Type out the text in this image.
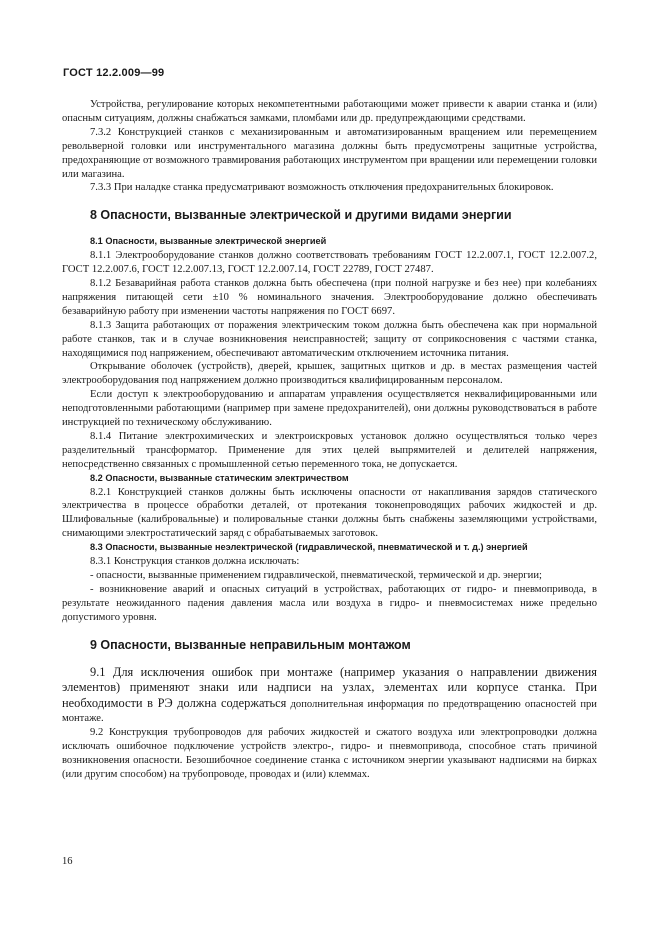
ГОСТ 12.2.009—99

Устройства, регулирование которых некомпетентными работающими может привести к аварии станка и (или) опасным ситуациям, должны снабжаться замками, пломбами или др. предупреждающими средствами.

7.3.2 Конструкцией станков с механизированным и автоматизированным вращением или перемещением револьверной головки или инструментального магазина должны быть предусмотрены защитные устройства, предохраняющие от возможного травмирования работающих инструментом при вращении или перемещении головки или магазина.

7.3.3 При наладке станка предусматривают возможность отключения предохранительных блокировок.

8 Опасности, вызванные электрической и другими видами энергии
8.1 Опасности, вызванные электрической энергией

8.1.1 Электрооборудование станков должно соответствовать требованиям ГОСТ 12.2.007.1, ГОСТ 12.2.007.2, ГОСТ 12.2.007.6, ГОСТ 12.2.007.13, ГОСТ 12.2.007.14, ГОСТ 22789, ГОСТ 27487.

8.1.2 Безаварийная работа станков должна быть обеспечена (при полной нагрузке и без нее) при колебаниях напряжения питающей сети ±10 % номинального значения. Электрооборудование должно обеспечивать безаварийную работу при изменении частоты напряжения по ГОСТ 6697.

8.1.3 Защита работающих от поражения электрическим током должна быть обеспечена как при нормальной работе станков, так и в случае возникновения неисправностей; защиту от соприкосновения с частями станка, находящимися под напряжением, обеспечивают автоматическим отключением источника питания.

Открывание оболочек (устройств), дверей, крышек, защитных щитков и др. в местах размещения частей электрооборудования под напряжением должно производиться квалифицированным персоналом.

Если доступ к электрооборудованию и аппаратам управления осуществляется неквалифицированными или неподготовленными работающими (например при замене предохранителей), они должны руководствоваться в работе инструкцией по техническому обслуживанию.

8.1.4 Питание электрохимических и электроискровых установок должно осуществляться только через разделительный трансформатор. Применение для этих целей выпрямителей и делителей напряжения, непосредственно связанных с промышленной сетью переменного тока, не допускается.

8.2 Опасности, вызванные статическим электричеством

8.2.1 Конструкцией станков должны быть исключены опасности от накапливания зарядов статического электричества в процессе обработки деталей, от протекания токонепроводящих рабочих жидкостей и др. Шлифовальные (калибровальные) и полировальные станки должны быть снабжены заземляющими устройствами, снимающими электростатический заряд с обрабатываемых заготовок.

8.3 Опасности, вызванные неэлектрической (гидравлической, пневматической и т. д.) энергией

8.3.1 Конструкция станков должна исключать:

- опасности, вызванные применением гидравлической, пневматической, термической и др. энергии;

- возникновение аварий и опасных ситуаций в устройствах, работающих от гидро- и пневмопривода, в результате неожиданного падения давления масла или воздуха в гидро- и пневмосистемах ниже предельно допустимого уровня.

9 Опасности, вызванные неправильным монтажом

9.1 Для исключения ошибок при монтаже (например указания о направлении движения элементов) применяют знаки или надписи на узлах, элементах или корпусе станка. При необходимости в РЭ должна содержаться дополнительная информация по предотвращению опасностей при монтаже.

9.2 Конструкция трубопроводов для рабочих жидкостей и сжатого воздуха или электропроводки должна исключать ошибочное подключение устройств электро-, гидро- и пневмопривода, способное стать причиной возникновения опасности. Безошибочное соединение станка с источником энергии указывают надписями на бирках (или другим способом) на трубопроводе, проводах и (или) клеммах.

16
